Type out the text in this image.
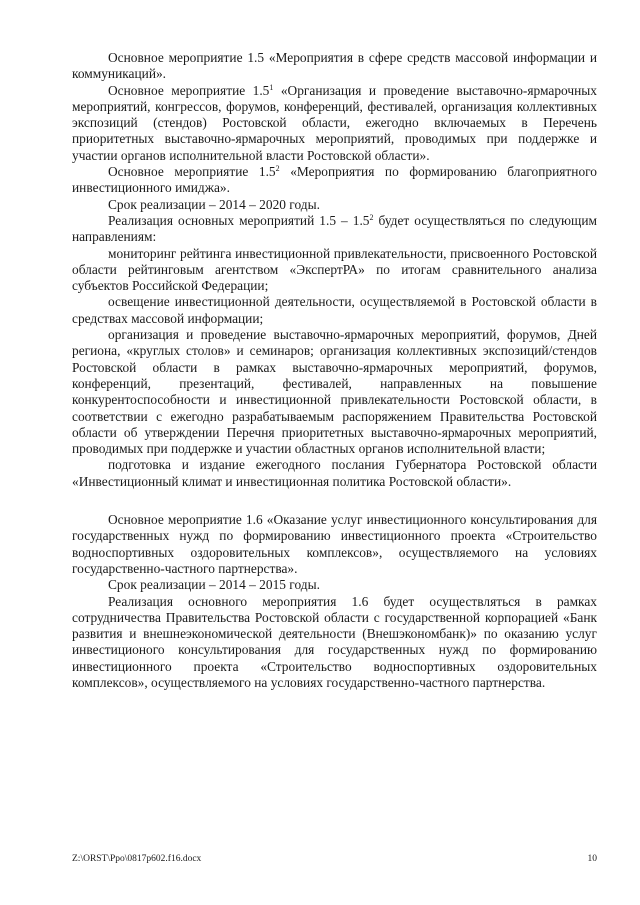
Основное мероприятие 1.5 «Мероприятия в сфере средств массовой информации и коммуникаций».

Основное мероприятие $1.5^1$ «Организация и проведение выставочно-ярмарочных мероприятий, конгрессов, форумов, конференций, фестивалей, организация коллективных экспозиций (стендов) Ростовской области, ежегодно включаемых в Перечень приоритетных выставочно-ярмарочных мероприятий, проводимых при поддержке и участии органов исполнительной власти Ростовской области».

Основное мероприятие $1.5^2$ «Мероприятия по формированию благоприятного инвестиционного имиджа».

Срок реализации – 2014 – 2020 годы.

Реализация основных мероприятий $1.5 - 1.5^2$ будет осуществляться по следующим направлениям:

мониторинг рейтинга инвестиционной привлекательности, присвоенного Ростовской области рейтинговым агентством «ЭкспертРА» по итогам сравнительного анализа субъектов Российской Федерации;

освещение инвестиционной деятельности, осуществляемой в Ростовской области в средствах массовой информации;

организация и проведение выставочно-ярмарочных мероприятий, форумов, Дней региона, «круглых столов» и семинаров; организация коллективных экспозиций/стендов Ростовской области в рамках выставочно-ярмарочных мероприятий, форумов, конференций, презентаций, фестивалей, направленных на повышение конкурентоспособности и инвестиционной привлекательности Ростовской области, в соответствии с ежегодно разрабатываемым распоряжением Правительства Ростовской области об утверждении Перечня приоритетных выставочно-ярмарочных мероприятий, проводимых при поддержке и участии областных органов исполнительной власти;

подготовка и издание ежегодного послания Губернатора Ростовской области «Инвестиционный климат и инвестиционная политика Ростовской области».

Основное мероприятие 1.6 «Оказание услуг инвестиционного консультирования для государственных нужд по формированию инвестиционного проекта «Строительство водноспортивных оздоровительных комплексов», осуществляемого на условиях государственно-частного партнерства».

Срок реализации – 2014 – 2015 годы.

Реализация основного мероприятия 1.6 будет осуществляться в рамках сотрудничества Правительства Ростовской области с государственной корпорацией «Банк развития и внешнеэкономической деятельности (Внешэкономбанк)» по оказанию услуг инвестиционого консультирования для государственных нужд по формированию инвестиционного проекта «Строительство водноспортивных оздоровительных комплексов», осуществляемого на условиях государственно-частного партнерства.

Z:\ORST\Ppo\0817p602.f16.docx	10
